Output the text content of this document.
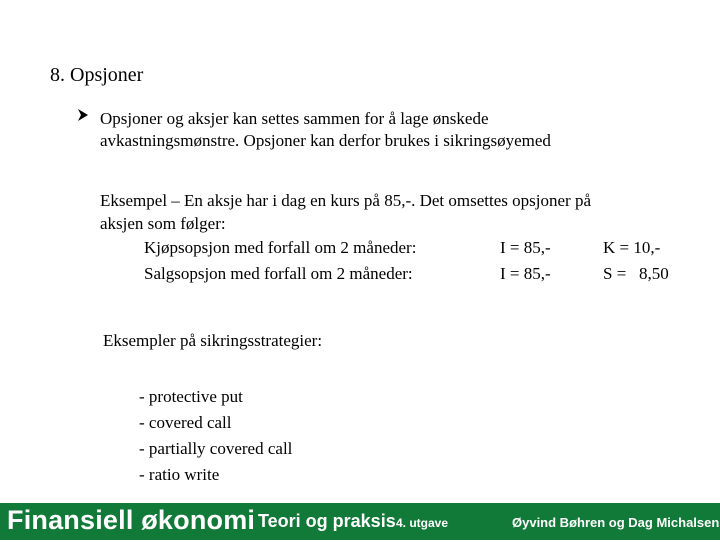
8. Opsjoner
Opsjoner og aksjer kan settes sammen for å lage ønskede
avkastningsmønstre. Opsjoner kan derfor brukes i sikringsøyemed
Eksempel – En aksje har i dag en kurs på 85,-. Det omsettes opsjoner på
aksjen som følger:
Kjøpsopsjon med forfall om 2 måneder:	I = 85,-	K = 10,-
Salgsopsjon med forfall om 2 måneder:	I = 85,-	S =   8,50
Eksempler på sikringsstrategier:
- protective put
- covered call
- partially covered call
- ratio write
Finansiell økonomi Teori og praksis 4. utgave	Øyvind Bøhren og Dag Michalsen
